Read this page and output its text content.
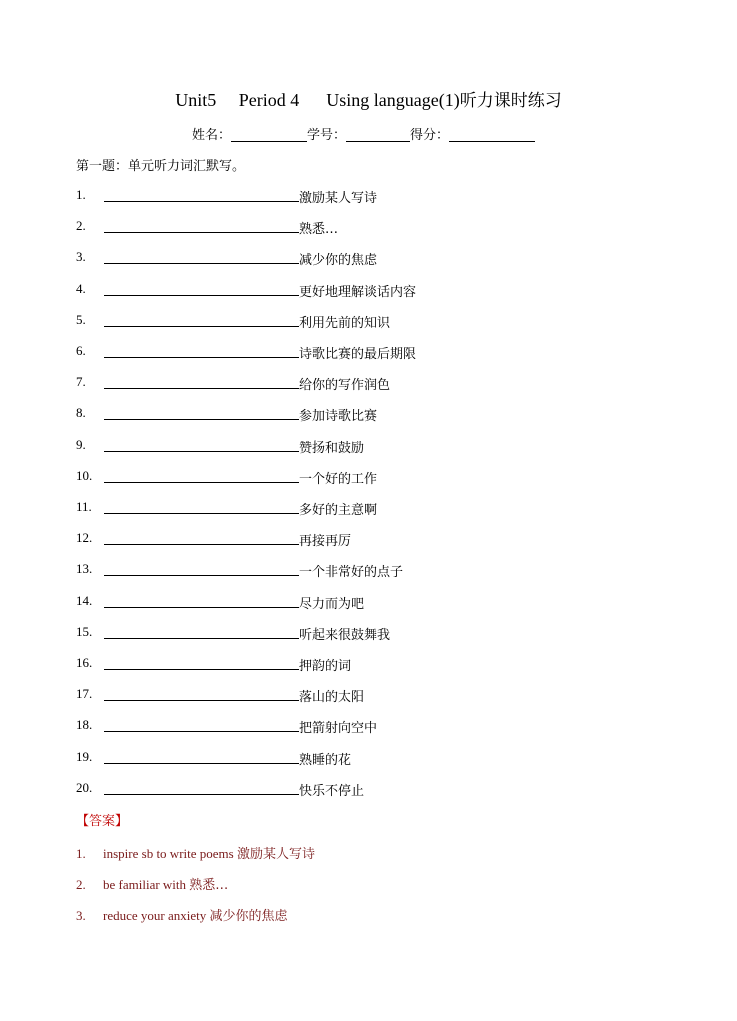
Unit5 Period 4 Using language(1)听力课时练习
姓名：	学号：	得分：
第一题：单元听力词汇默写。
1.	激励某人写诗
2.	熟悉…
3.	减少你的焦虑
4.	更好地理解谈话内容
5.	利用先前的知识
6.	诗歌比赛的最后期限
7.	给你的写作润色
8.	参加诗歌比赛
9.	赞扬和鼓励
10.	一个好的工作
11.	多好的主意啊
12.	再接再厉
13.	一个非常好的点子
14.	尽力而为吧
15.	听起来很鼓舞我
16.	押韵的词
17.	落山的太阳
18.	把箭射向空中
19.	熟睡的花
20.	快乐不停止
【答案】
1. inspire sb to write poems 激励某人写诗
2. be familiar with 熟悉…
3. reduce your anxiety 减少你的焦虑
